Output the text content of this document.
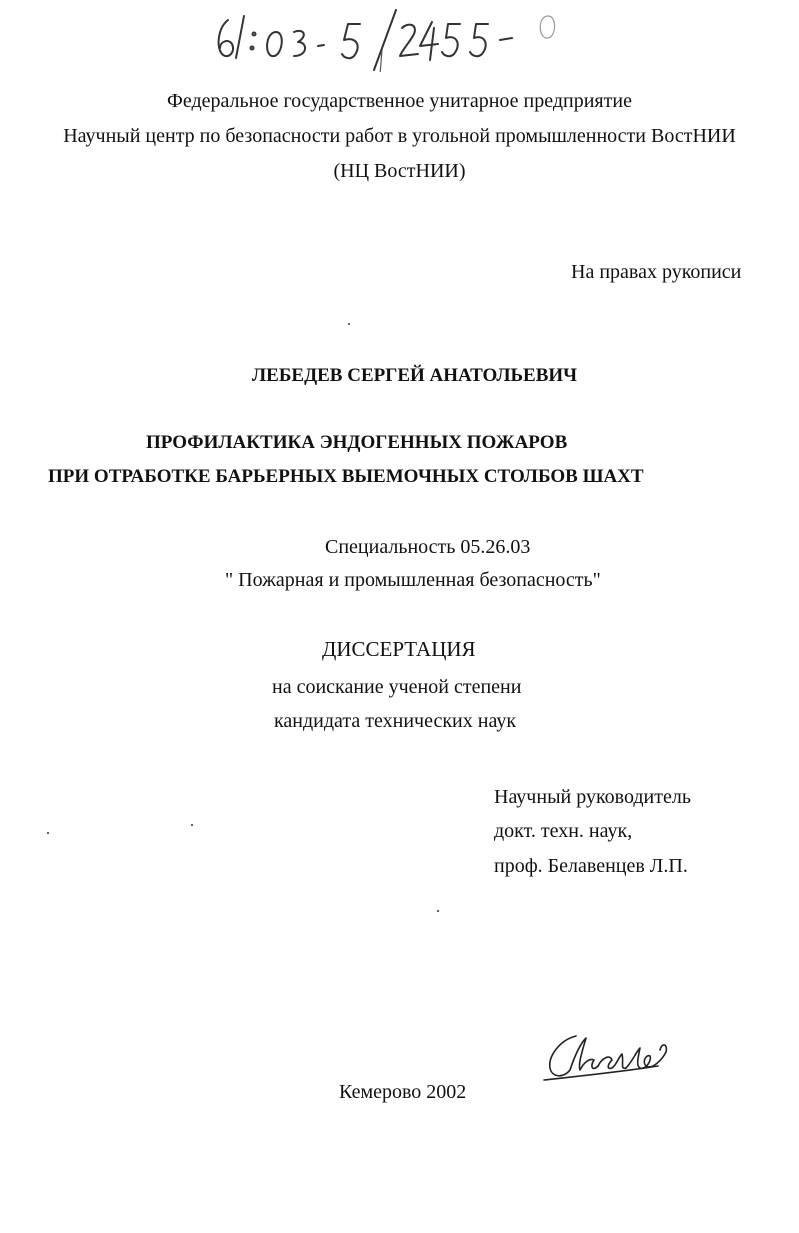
Федеральное государственное унитарное предприятие
Научный центр по безопасности работ в угольной промышленности ВостНИИ
(НЦ ВостНИИ)
На правах рукописи
ЛЕБЕДЕВ СЕРГЕЙ АНАТОЛЬЕВИЧ
ПРОФИЛАКТИКА ЭНДОГЕННЫХ ПОЖАРОВ
ПРИ ОТРАБОТКЕ БАРЬЕРНЫХ ВЫЕМОЧНЫХ СТОЛБОВ ШАХТ
Специальность 05.26.03
" Пожарная и промышленная безопасность"
ДИССЕРТАЦИЯ
на соискание ученой степени
кандидата технических наук
Научный руководитель
докт. техн. наук,
проф. Белавенцев Л.П.
Кемерово 2002
